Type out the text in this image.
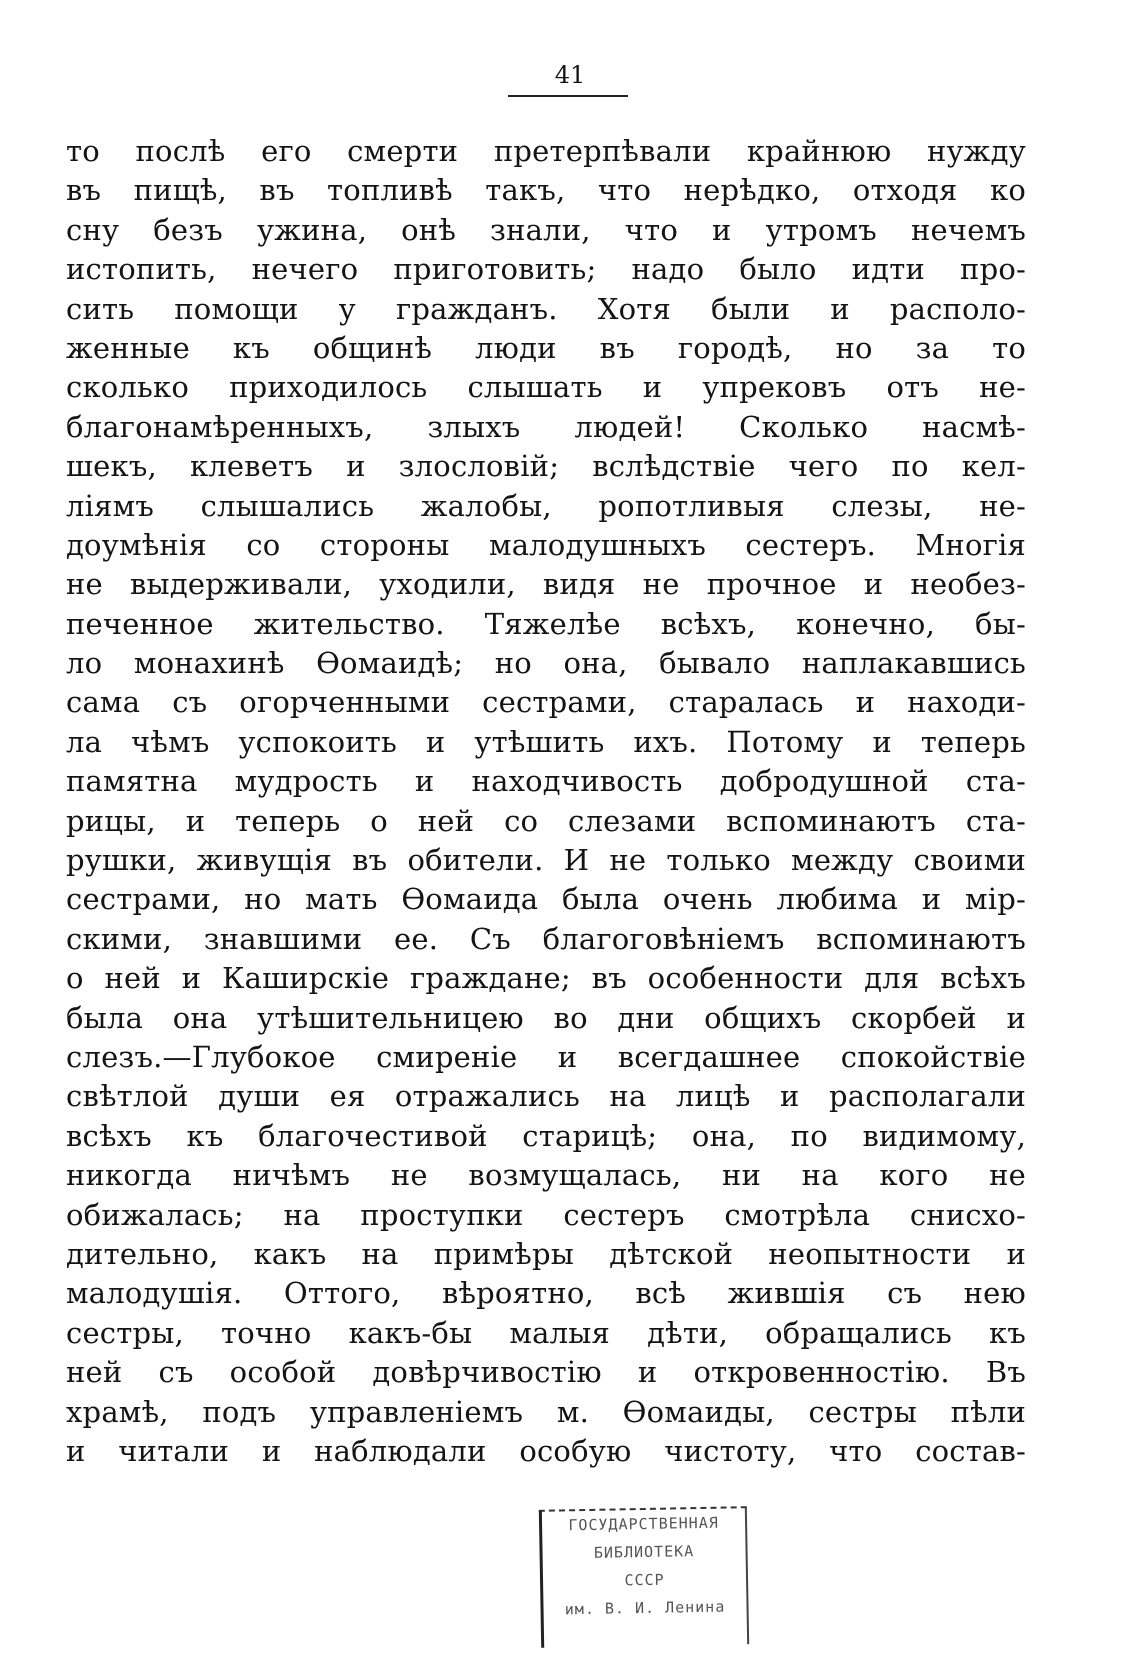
41
то послѣ его смерти претерпѣвали крайнюю нужду
въ пищѣ, въ топливѣ такъ, что нерѣдко, отходя ко
сну безъ ужина, онѣ знали, что и утромъ нечемъ
истопить, нечего приготовить; надо было идти про-
сить помощи у гражданъ. Хотя были и располо-
женные къ общинѣ люди въ городѣ, но за то
сколько приходилось слышать и упрековъ отъ не-
благонамѣренныхъ, злыхъ людей! Сколько насмѣ-
шекъ, клеветъ и злословій; вслѣдствіе чего по кел-
ліямъ слышались жалобы, ропотливыя слезы, не-
доумѣнія со стороны малодушныхъ сестеръ. Многія
не выдерживали, уходили, видя не прочное и необез-
печенное жительство. Тяжелѣе всѣхъ, конечно, бы-
ло монахинѣ Ѳомаидѣ; но она, бывало наплакавшись
сама съ огорченными сестрами, старалась и находи-
ла чѣмъ успокоить и утѣшить ихъ. Потому и теперь
памятна мудрость и находчивость добродушной ста-
рицы, и теперь о ней со слезами вспоминаютъ ста-
рушки, живущія въ обители. И не только между своими
сестрами, но мать Ѳомаида была очень любима и мір-
скими, знавшими ее. Съ благоговѣніемъ вспоминаютъ
о ней и Каширскіе граждане; въ особенности для всѣхъ
была она утѣшительницею во дни общихъ скорбей и
слезъ.—Глубокое смиреніе и всегдашнее спокойствіе
свѣтлой души ея отражались на лицѣ и располагали
всѣхъ къ благочестивой старицѣ; она, по видимому,
никогда ничѣмъ не возмущалась, ни на кого не
обижалась; на проступки сестеръ смотрѣла снисхо-
дительно, какъ на примѣры дѣтской неопытности и
малодушія. Оттого, вѣроятно, всѣ жившія съ нею
сестры, точно какъ-бы малыя дѣти, обращались къ
ней съ особой довѣрчивостію и откровенностію. Въ
храмѣ, подъ управленіемъ м. Ѳомаиды, сестры пѣли
и читали и наблюдали особую чистоту, что состав-
ГОСУДАРСТВЕННАЯ
БИБЛИОТЕКА
СССР
им. В. И. Ленина
